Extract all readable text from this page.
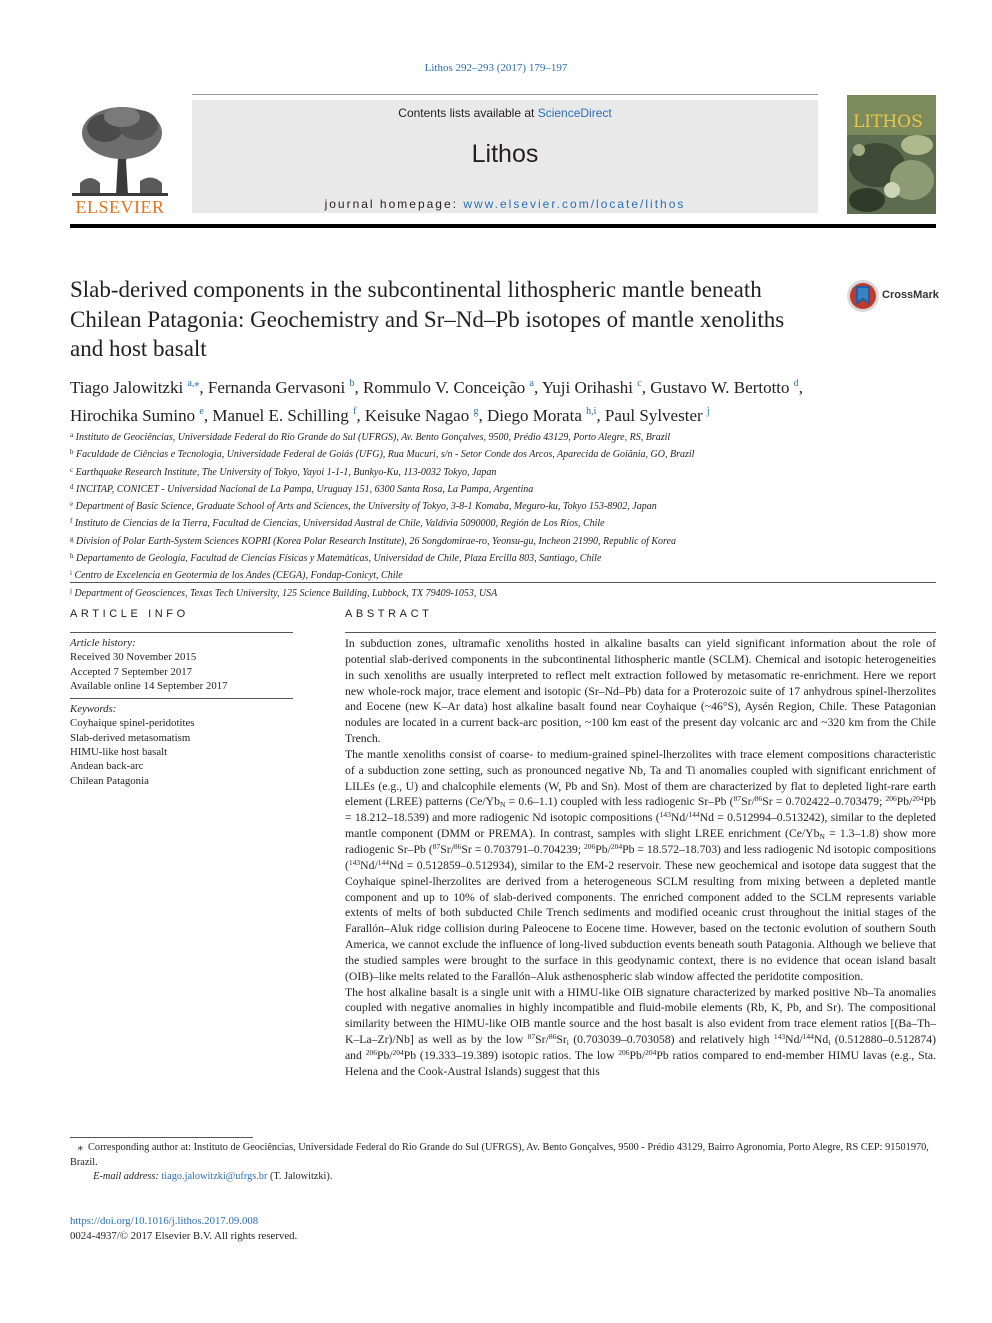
Lithos 292–293 (2017) 179–197
ELSEVIER
Contents lists available at ScienceDirect
Lithos
journal homepage: www.elsevier.com/locate/lithos
LITHOS
Slab-derived components in the subcontinental lithospheric mantle beneath Chilean Patagonia: Geochemistry and Sr–Nd–Pb isotopes of mantle xenoliths and host basalt
CrossMark
Tiago Jalowitzki $^{a,⁎}$, Fernanda Gervasoni $^b$, Rommulo V. Conceição $^a$, Yuji Orihashi $^c$, Gustavo W. Bertotto $^d$,
Hirochika Sumino $^e$, Manuel E. Schilling $^f$, Keisuke Nagao $^g$, Diego Morata $^{h,i}$, Paul Sylvester $^j$
$^a$ Instituto de Geociências, Universidade Federal do Rio Grande do Sul (UFRGS), Av. Bento Gonçalves, 9500, Prédio 43129, Porto Alegre, RS, Brazil
$^b$ Faculdade de Ciências e Tecnologia, Universidade Federal de Goiás (UFG), Rua Mucuri, s/n - Setor Conde dos Arcos, Aparecida de Goiânia, GO, Brazil
$^c$ Earthquake Research Institute, The University of Tokyo, Yayoi 1-1-1, Bunkyo-Ku, 113-0032 Tokyo, Japan
$^d$ INCITAP, CONICET - Universidad Nacional de La Pampa, Uruguay 151, 6300 Santa Rosa, La Pampa, Argentina
$^e$ Department of Basic Science, Graduate School of Arts and Sciences, the University of Tokyo, 3-8-1 Komaba, Meguro-ku, Tokyo 153-8902, Japan
$^f$ Instituto de Ciencias de la Tierra, Facultad de Ciencias, Universidad Austral de Chile, Valdivia 5090000, Región de Los Ríos, Chile
$^g$ Division of Polar Earth-System Sciences KOPRI (Korea Polar Research Institute), 26 Songdomirae-ro, Yeonsu-gu, Incheon 21990, Republic of Korea
$^h$ Departamento de Geología, Facultad de Ciencias Físicas y Matemáticas, Universidad de Chile, Plaza Ercilla 803, Santiago, Chile
$^i$ Centro de Excelencia en Geotermia de los Andes (CEGA), Fondap-Conicyt, Chile
$^j$ Department of Geosciences, Texas Tech University, 125 Science Building, Lubbock, TX 79409-1053, USA
ARTICLE INFO
Article history:
Received 30 November 2015
Accepted 7 September 2017
Available online 14 September 2017
Keywords:
Coyhaique spinel-peridotites
Slab-derived metasomatism
HIMU-like host basalt
Andean back-arc
Chilean Patagonia
ABSTRACT

In subduction zones, ultramafic xenoliths hosted in alkaline basalts can yield significant information about the role of potential slab-derived components in the subcontinental lithospheric mantle (SCLM). Chemical and isotopic heterogeneities in such xenoliths are usually interpreted to reflect melt extraction followed by metasomatic re-enrichment. Here we report new whole-rock major, trace element and isotopic (Sr–Nd–Pb) data for a Proterozoic suite of 17 anhydrous spinel-lherzolites and Eocene (new K–Ar data) host alkaline basalt found near Coyhaique (~46°S), Aysén Region, Chile. These Patagonian nodules are located in a current back-arc position, ~100 km east of the present day volcanic arc and ~320 km from the Chile Trench.

The mantle xenoliths consist of coarse- to medium-grained spinel-lherzolites with trace element compositions characteristic of a subduction zone setting, such as pronounced negative Nb, Ta and Ti anomalies coupled with significant enrichment of LILEs (e.g., U) and chalcophile elements (W, Pb and Sn). Most of them are characterized by flat to depleted light-rare earth element (LREE) patterns $(Ce/Yb_N = 0.6-1.1)$ coupled with less radiogenic Sr–Pb ($^{87}$Sr/$^{86}$Sr = 0.702422–0.703479; $^{206}$Pb/$^{204}$Pb = 18.212–18.539) and more radiogenic Nd isotopic compositions ($^{143}$Nd/$^{144}$Nd = 0.512994–0.513242), similar to the depleted mantle component (DMM or PREMA). In contrast, samples with slight LREE enrichment $(Ce/Yb_N = 1.3-1.8)$ show more radiogenic Sr–Pb ($^{87}$Sr/$^{86}$Sr = 0.703791–0.704239; $^{206}$Pb/$^{204}$Pb = 18.572–18.703) and less radiogenic Nd isotopic compositions ($^{143}$Nd/$^{144}$Nd = 0.512859–0.512934), similar to the EM-2 reservoir. These new geochemical and isotope data suggest that the Coyhaique spinel-lherzolites are derived from a heterogeneous SCLM resulting from mixing between a depleted mantle component and up to 10% of slab-derived components. The enriched component added to the SCLM represents variable extents of melts of both subducted Chile Trench sediments and modified oceanic crust throughout the initial stages of the Farallón–Aluk ridge collision during Paleocene to Eocene time. However, based on the tectonic evolution of southern South America, we cannot exclude the influence of long-lived subduction events beneath south Patagonia. Although we believe that the studied samples were brought to the surface in this geodynamic context, there is no evidence that ocean island basalt (OIB)–like melts related to the Farallón–Aluk asthenospheric slab window affected the peridotite composition.

The host alkaline basalt is a single unit with a HIMU-like OIB signature characterized by marked positive Nb–Ta anomalies coupled with negative anomalies in highly incompatible and fluid-mobile elements (Rb, K, Pb, and Sr). The compositional similarity between the HIMU-like OIB mantle source and the host basalt is also evident from trace element ratios [(Ba–Th–K–La–Zr)/Nb] as well as by the low $^{87}Sr/^{86}Sr_i$ (0.703039–0.703058) and relatively high $^{143}Nd/^{144}Nd_i$ (0.512880–0.512874) and $^{206}$Pb/$^{204}$Pb (19.333–19.389) isotopic ratios. The low $^{206}$Pb/$^{204}$Pb ratios compared to end-member HIMU lavas (e.g., Sta. Helena and the Cook-Austral Islands) suggest that this

⁎ Corresponding author at: Instituto de Geociências, Universidade Federal do Rio Grande do Sul (UFRGS), Av. Bento Gonçalves, 9500 - Prédio 43129, Bairro Agronomia, Porto Alegre, RS CEP: 91501970, Brazil.
E-mail address: tiago.jalowitzki@ufrgs.br (T. Jalowitzki).
https://doi.org/10.1016/j.lithos.2017.09.008
0024-4937/© 2017 Elsevier B.V. All rights reserved.
